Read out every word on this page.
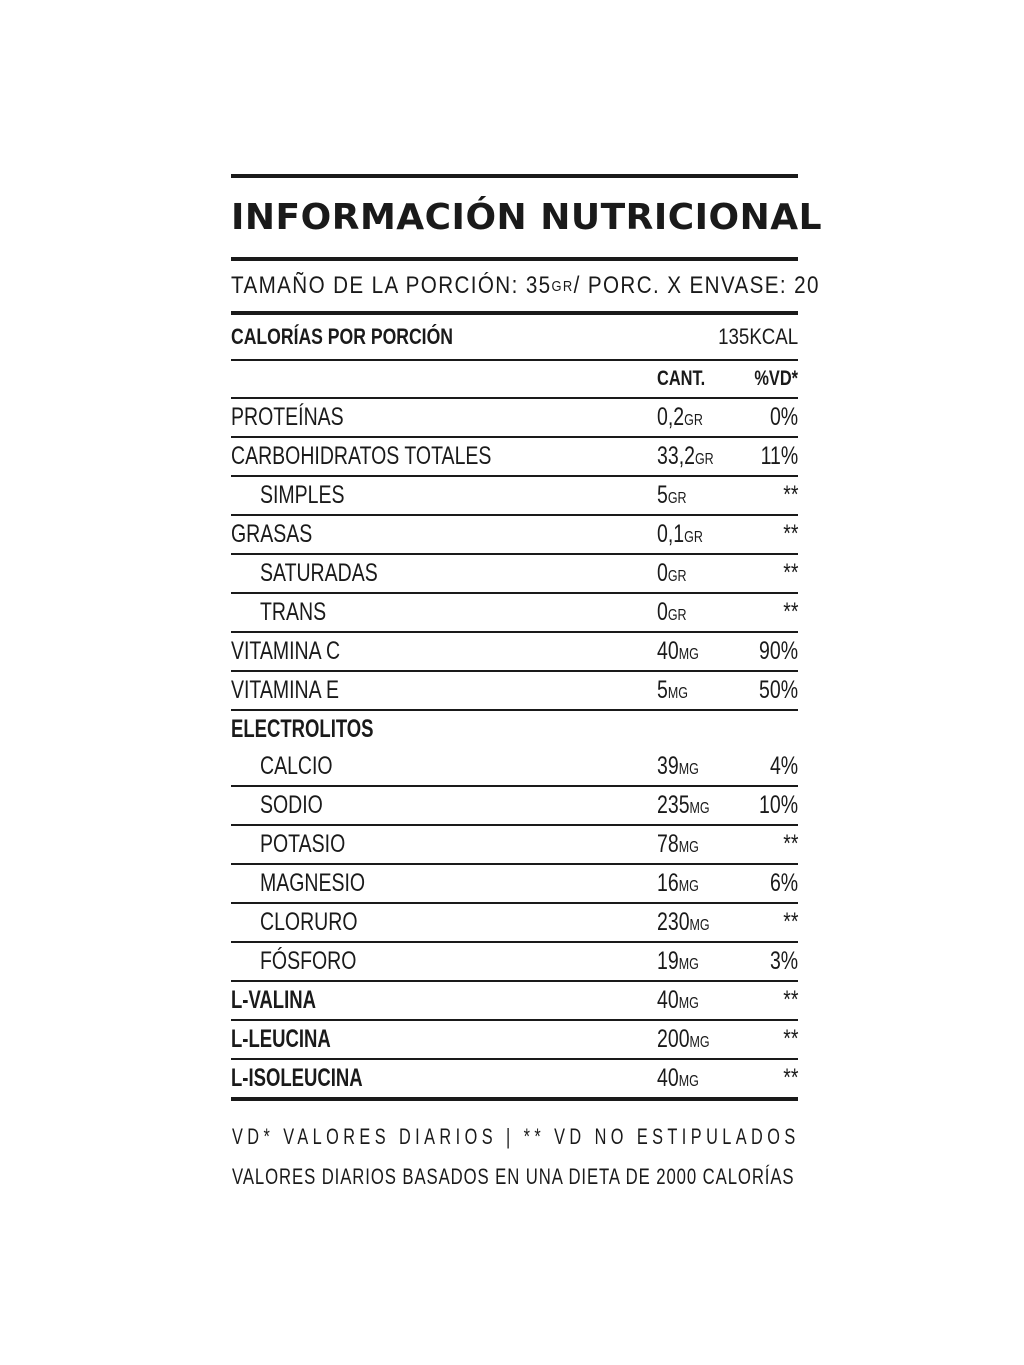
INFORMACIÓN NUTRICIONAL
TAMAÑO DE LA PORCIÓN: 35 GR / PORC. X ENVASE: 20
CALORÍAS POR PORCIÓN	135KCAL
CANT. %VD*
PROTEÍNAS	0,2GR	0%
CARBOHIDRATOS TOTALES	33,2GR 11%
SIMPLES	5GR	**
GRASAS	0,1GR	**
SATURADAS	0GR	**
TRANS	0GR	**
VITAMINA C	40MG 90%
VITAMINA E	5MG	50%
ELECTROLITOS
CALCIO	39MG	4%
SODIO	235MG 10%
POTASIO	78MG	**
MAGNESIO	16MG	6%
CLORURO	230MG	**
FÓSFORO	19MG	3%
L-VALINA	40MG	**
L-LEUCINA	200MG	**
L-ISOLEUCINA	40MG	**
VD* VALORES DIARIOS | ** VD NO ESTIPULADOS
VALORES DIARIOS BASADOS EN UNA DIETA DE 2000 CALORÍAS
